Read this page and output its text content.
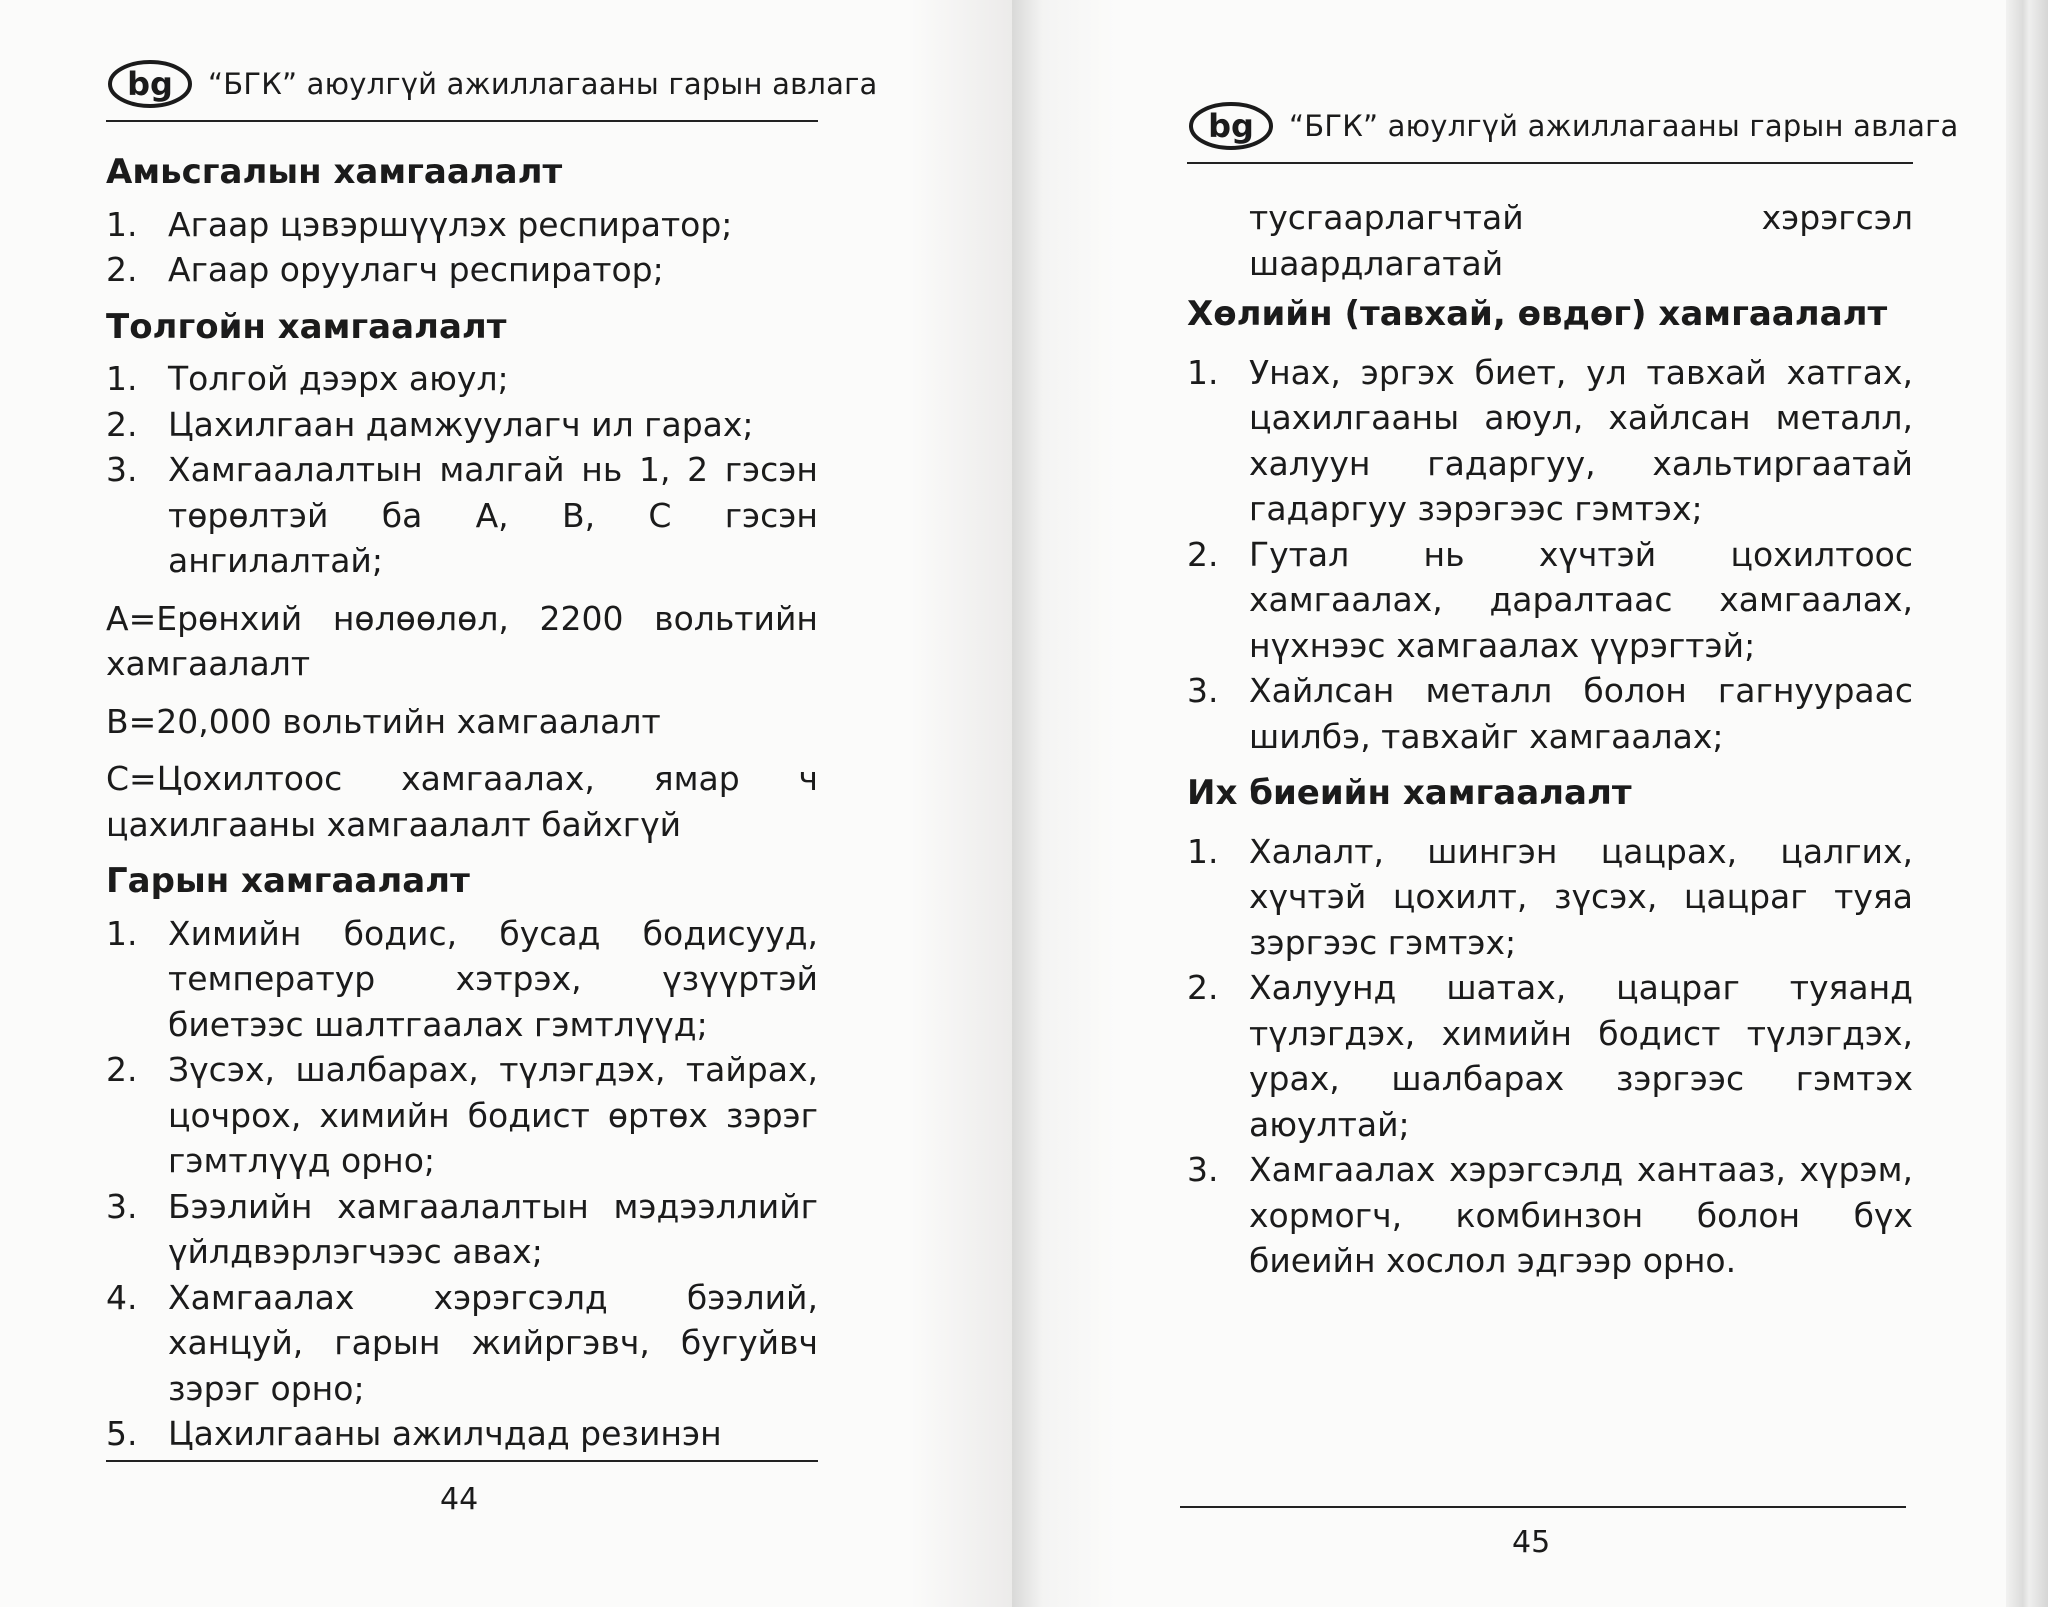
bg “БГК” аюулгүй ажиллагааны гарын авлага
Амьсгалын хамгаалалт
1. Агаар цэвэршүүлэх респиратор;
2. Агаар оруулагч респиратор;
Толгойн хамгаалалт
1. Толгой дээрх аюул;
2. Цахилгаан дамжуулагч ил гарах;
3. Хамгаалалтын малгай нь 1, 2 гэсэн төрөлтэй ба A, B, C гэсэн ангилалтай;

A=Ерөнхий нөлөөлөл, 2200 вольтийн хамгаалалт

B=20,000 вольтийн хамгаалалт

C=Цохилтоос хамгаалах, ямар ч цахилгааны хамгаалалт байхгүй

Гарын хамгаалалт
1. Химийн бодис, бусад бодисууд, температур хэтрэх, үзүүртэй биетээс шалтгаалах гэмтлүүд;
2. Зүсэх, шалбарах, түлэгдэх, тайрах, цочрох, химийн бодист өртөх зэрэг гэмтлүүд орно;
3. Бээлийн хамгаалалтын мэдээллийг үйлдвэрлэгчээс авах;
4. Хамгаалах хэрэгсэлд бээлий, ханцуй, гарын жийргэвч, бугуйвч зэрэг орно;
5. Цахилгааны ажилчдад резинэн
44
bg “БГК” аюулгүй ажиллагааны гарын авлага

тусгаарлагчтай хэрэгсэл шаардлагатай

Хөлийн (тавхай, өвдөг) хамгаалалт
1. Унах, эргэх биет, ул тавхай хатгах, цахилгааны аюул, хайлсан металл, халуун гадаргуу, хальтиргаатай гадаргуу зэрэгээс гэмтэх;
2. Гутал нь хүчтэй цохилтоос хамгаалах, даралтаас хамгаалах, нүхнээс хамгаалах үүрэгтэй;
3. Хайлсан металл болон гагнуураас шилбэ, тавхайг хамгаалах;
Их биеийн хамгаалалт
1. Халалт, шингэн цацрах, цалгих, хүчтэй цохилт, зүсэх, цацраг туяа зэргээс гэмтэх;
2. Халуунд шатах, цацраг туяанд түлэгдэх, химийн бодист түлэгдэх, урах, шалбарах зэргээс гэмтэх аюултай;
3. Хамгаалах хэрэгсэлд хантааз, хүрэм, хормогч, комбинзон болон бүх биеийн хослол эдгээр орно.
45
